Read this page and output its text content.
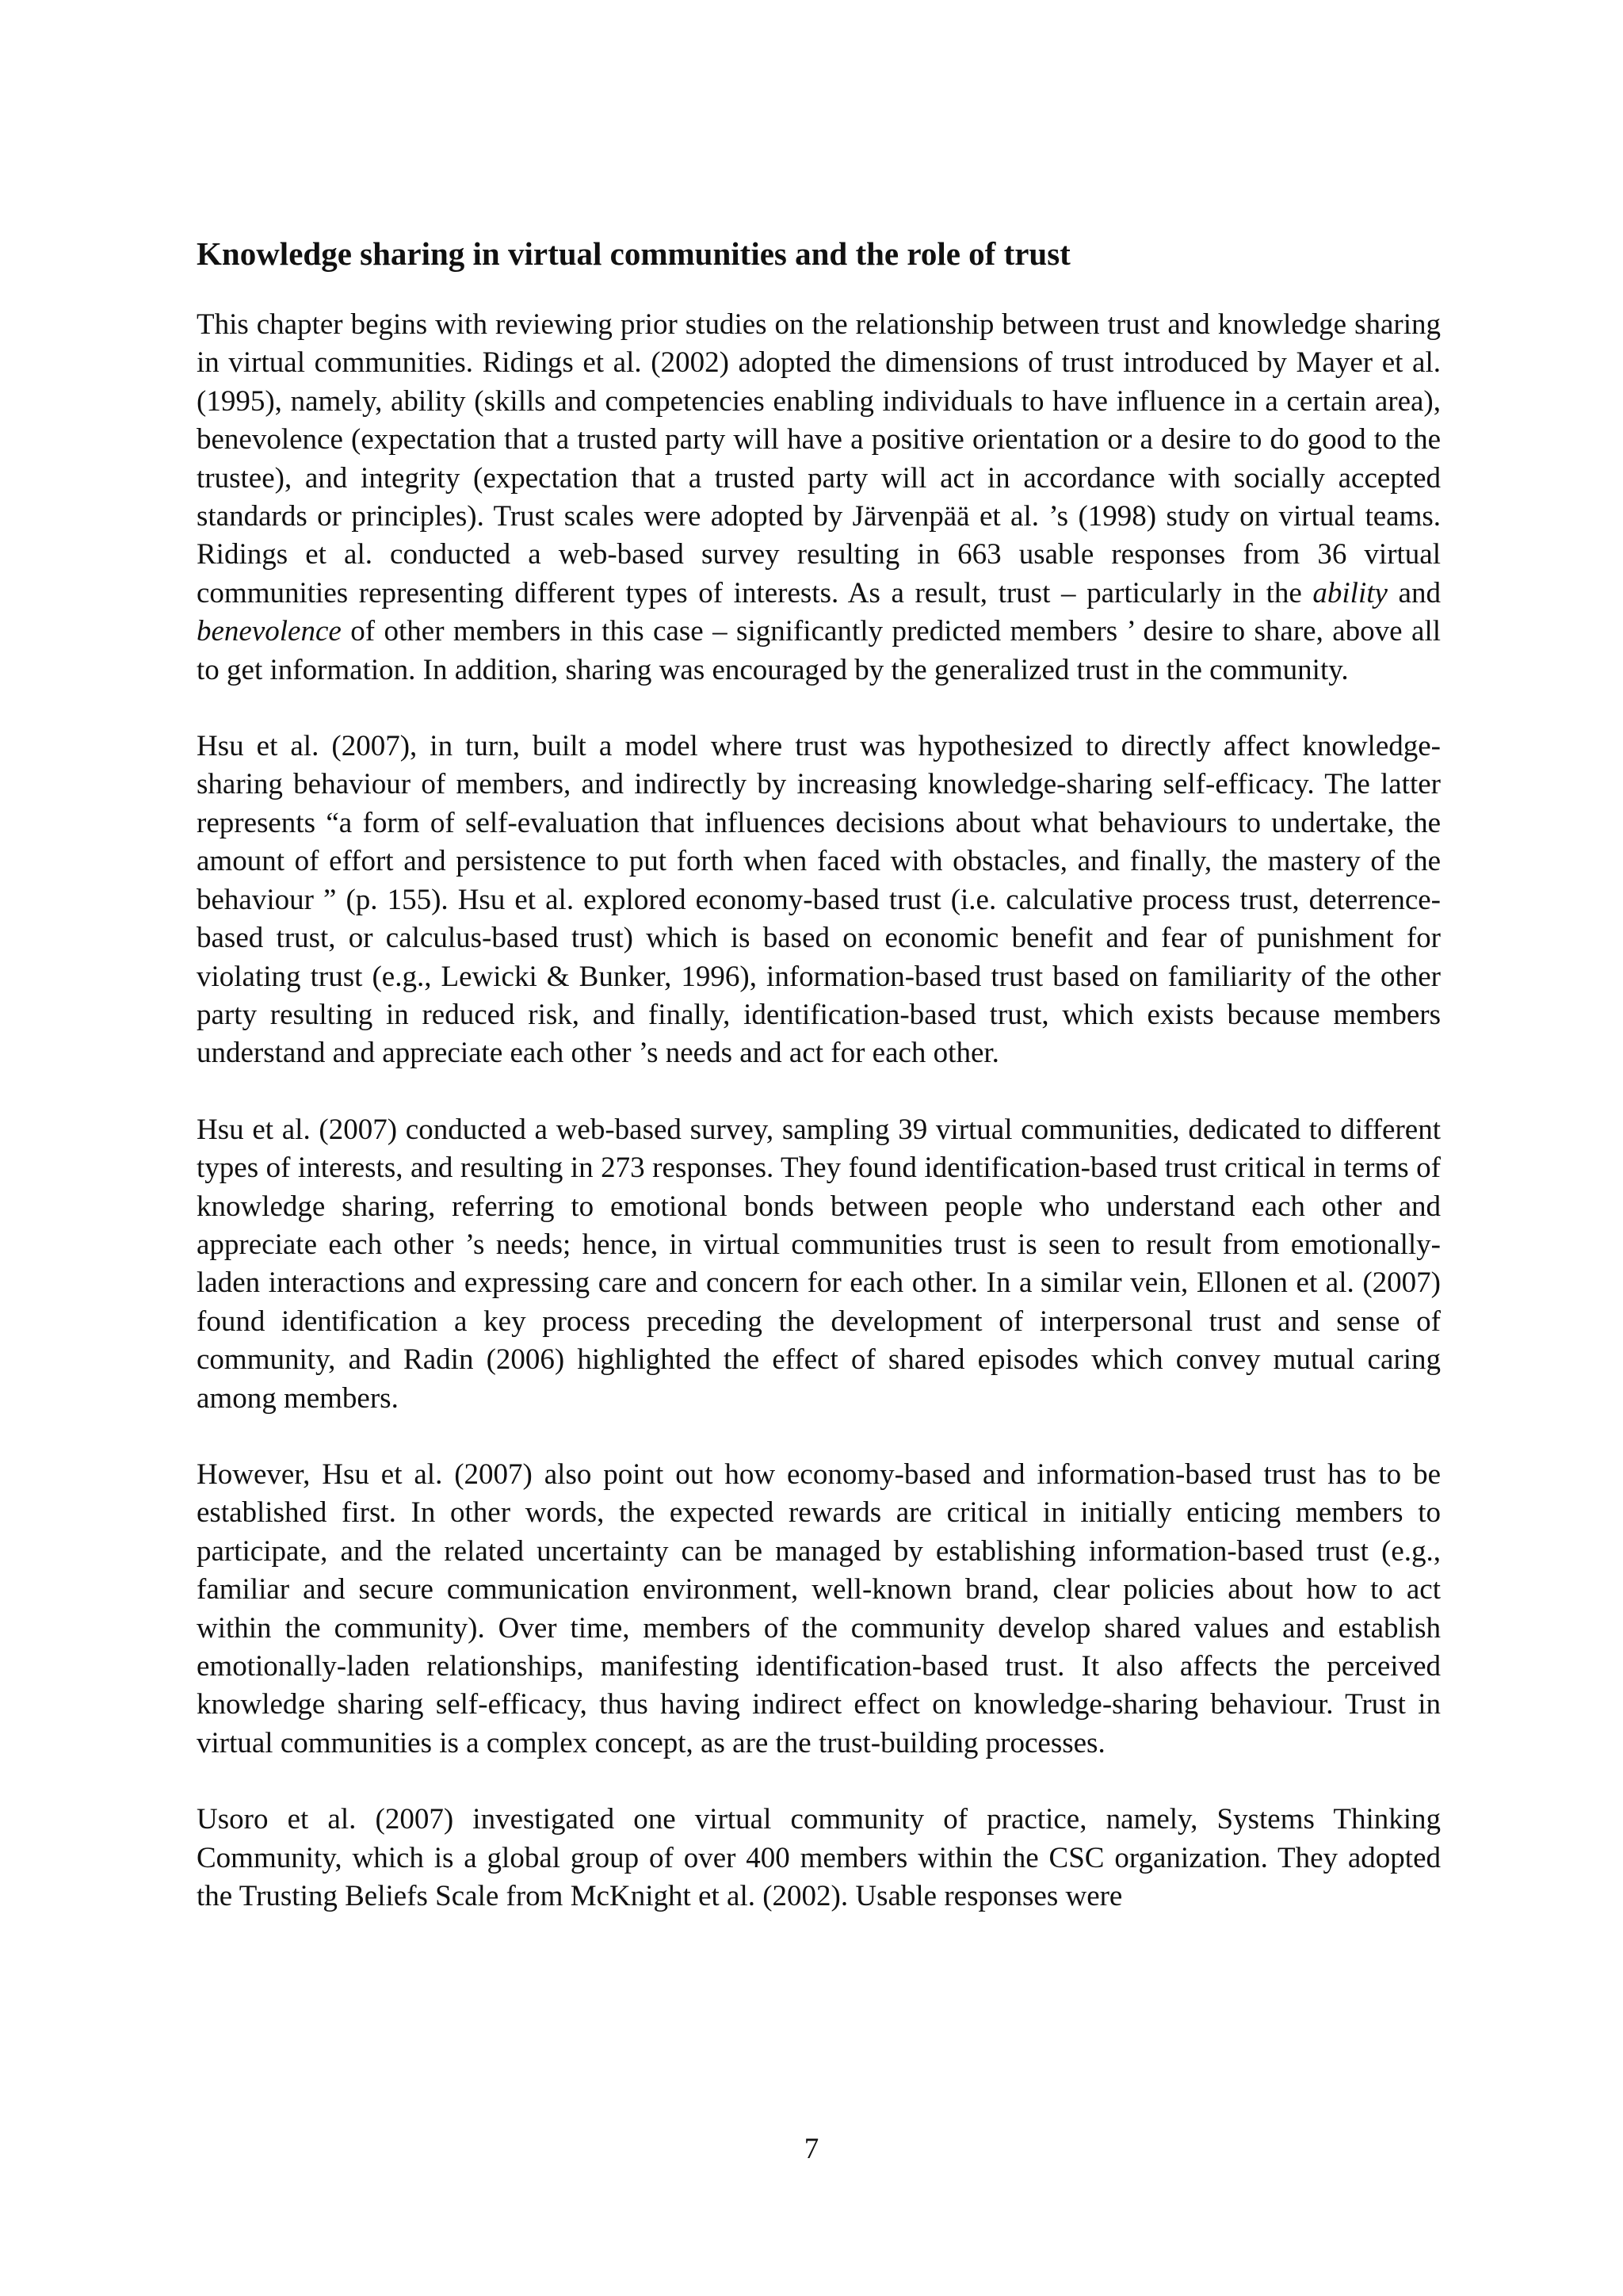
Knowledge sharing in virtual communities and the role of trust

This chapter begins with reviewing prior studies on the relationship between trust and knowledge sharing in virtual communities. Ridings et al. (2002) adopted the dimensions of trust introduced by Mayer et al. (1995), namely, ability (skills and competencies enabling individuals to have influence in a certain area), benevolence (expectation that a trusted party will have a positive orientation or a desire to do good to the trustee), and integrity (expectation that a trusted party will act in accordance with socially accepted standards or principles). Trust scales were adopted by Järvenpää et al. ’s (1998) study on virtual teams. Ridings et al. conducted a web-based survey resulting in 663 usable responses from 36 virtual communities representing different types of interests. As a result, trust – particularly in the ability and benevolence of other members in this case – significantly predicted members ’ desire to share, above all to get information. In addition, sharing was encouraged by the generalized trust in the community.

Hsu et al. (2007), in turn, built a model where trust was hypothesized to directly affect knowledge-sharing behaviour of members, and indirectly by increasing knowledge-sharing self-efficacy. The latter represents “a form of self-evaluation that influences decisions about what behaviours to undertake, the amount of effort and persistence to put forth when faced with obstacles, and finally, the mastery of the behaviour ” (p. 155). Hsu et al. explored economy-based trust (i.e. calculative process trust, deterrence-based trust, or calculus-based trust) which is based on economic benefit and fear of punishment for violating trust (e.g., Lewicki & Bunker, 1996), information-based trust based on familiarity of the other party resulting in reduced risk, and finally, identification-based trust, which exists because members understand and appreciate each other ’s needs and act for each other.

Hsu et al. (2007) conducted a web-based survey, sampling 39 virtual communities, dedicated to different types of interests, and resulting in 273 responses. They found identification-based trust critical in terms of knowledge sharing, referring to emotional bonds between people who understand each other and appreciate each other ’s needs; hence, in virtual communities trust is seen to result from emotionally-laden interactions and expressing care and concern for each other. In a similar vein, Ellonen et al. (2007) found identification a key process preceding the development of interpersonal trust and sense of community, and Radin (2006) highlighted the effect of shared episodes which convey mutual caring among members.

However, Hsu et al. (2007) also point out how economy-based and information-based trust has to be established first. In other words, the expected rewards are critical in initially enticing members to participate, and the related uncertainty can be managed by establishing information-based trust (e.g., familiar and secure communication environment, well-known brand, clear policies about how to act within the community). Over time, members of the community develop shared values and establish emotionally-laden relationships, manifesting identification-based trust. It also affects the perceived knowledge sharing self-efficacy, thus having indirect effect on knowledge-sharing behaviour. Trust in virtual communities is a complex concept, as are the trust-building processes.

Usoro et al. (2007) investigated one virtual community of practice, namely, Systems Thinking Community, which is a global group of over 400 members within the CSC organization. They adopted the Trusting Beliefs Scale from McKnight et al. (2002). Usable responses were

7
